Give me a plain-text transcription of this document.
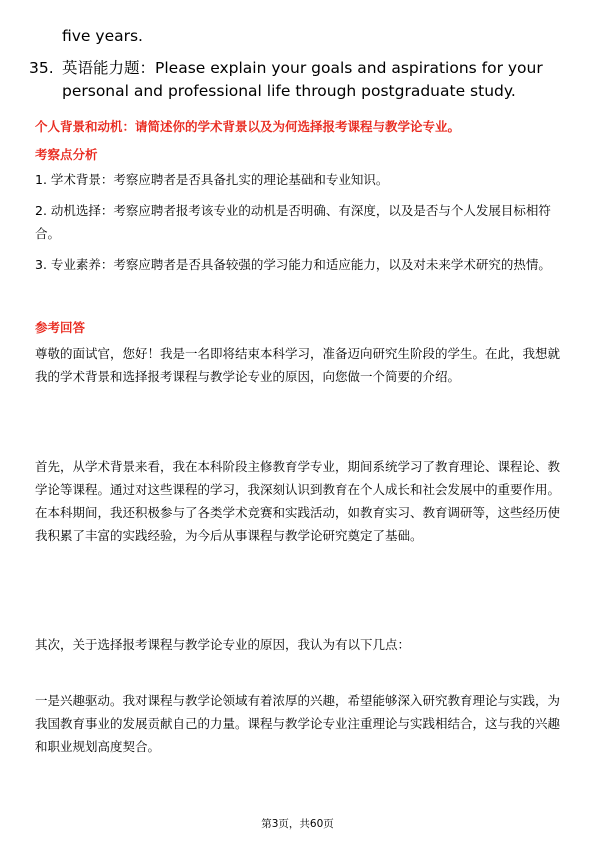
five years.
35. 英语能力题：Please explain your goals and aspirations for your personal and professional life through postgraduate study.
个人背景和动机：请简述你的学术背景以及为何选择报考课程与教学论专业。
考察点分析

1. 学术背景：考察应聘者是否具备扎实的理论基础和专业知识。

2. 动机选择：考察应聘者报考该专业的动机是否明确、有深度，以及是否与个人发展目标相符合。

3. 专业素养：考察应聘者是否具备较强的学习能力和适应能力，以及对未来学术研究的热情。

参考回答
尊敬的面试官，您好！我是一名即将结束本科学习，准备迈向研究生阶段的学生。在此，我想就我的学术背景和选择报考课程与教学论专业的原因，向您做一个简要的介绍。
首先，从学术背景来看，我在本科阶段主修教育学专业，期间系统学习了教育理论、课程论、教学论等课程。通过对这些课程的学习，我深刻认识到教育在个人成长和社会发展中的重要作用。在本科期间，我还积极参与了各类学术竞赛和实践活动，如教育实习、教育调研等，这些经历使我积累了丰富的实践经验，为今后从事课程与教学论研究奠定了基础。
其次，关于选择报考课程与教学论专业的原因，我认为有以下几点：
一是兴趣驱动。我对课程与教学论领域有着浓厚的兴趣，希望能够深入研究教育理论与实践，为我国教育事业的发展贡献自己的力量。课程与教学论专业注重理论与实践相结合，这与我的兴趣和职业规划高度契合。
第3页，共60页
